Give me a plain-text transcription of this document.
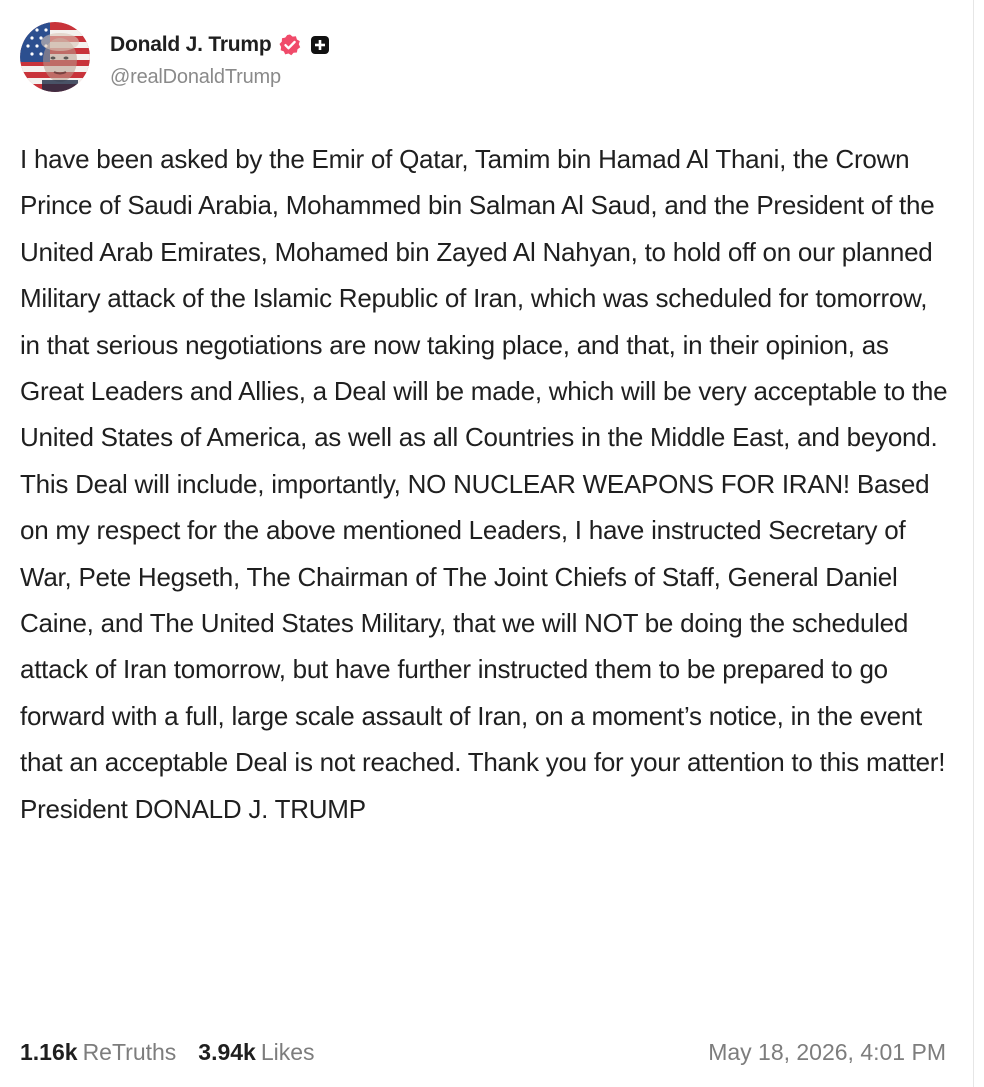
Donald J. Trump
@realDonaldTrump

I have been asked by the Emir of Qatar, Tamim bin Hamad Al Thani, the Crown Prince of Saudi Arabia, Mohammed bin Salman Al Saud, and the President of the United Arab Emirates, Mohamed bin Zayed Al Nahyan, to hold off on our planned Military attack of the Islamic Republic of Iran, which was scheduled for tomorrow, in that serious negotiations are now taking place, and that, in their opinion, as Great Leaders and Allies, a Deal will be made, which will be very acceptable to the United States of America, as well as all Countries in the Middle East, and beyond. This Deal will include, importantly, NO NUCLEAR WEAPONS FOR IRAN! Based on my respect for the above mentioned Leaders, I have instructed Secretary of War, Pete Hegseth, The Chairman of The Joint Chiefs of Staff, General Daniel Caine, and The United States Military, that we will NOT be doing the scheduled attack of Iran tomorrow, but have further instructed them to be prepared to go forward with a full, large scale assault of Iran, on a moment’s notice, in the event that an acceptable Deal is not reached. Thank you for your attention to this matter! President DONALD J. TRUMP

1.16k ReTruths 3.94k Likes	May 18, 2026, 4:01 PM
